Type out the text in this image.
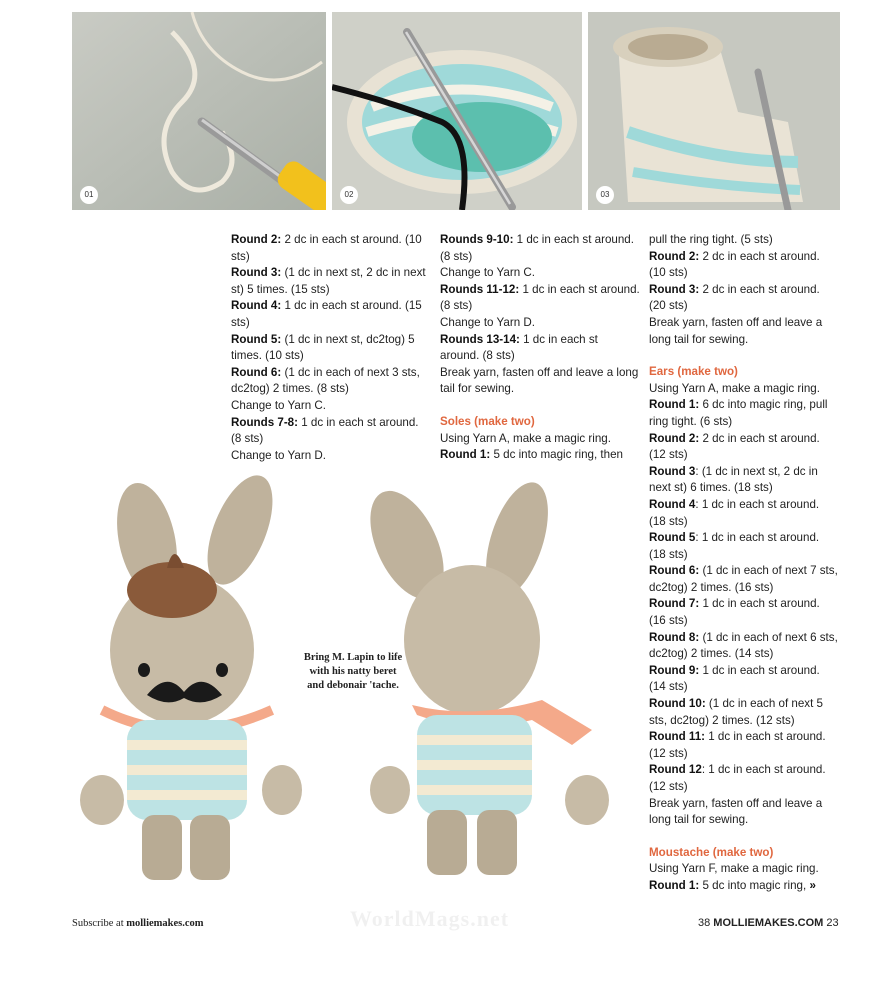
01	02	03

Round 2: 2 dc in each st around. (10 sts)

Round 3: (1 dc in next st, 2 dc in next st) 5 times. (15 sts)

Round 4: 1 dc in each st around. (15 sts)

Round 5: (1 dc in next st, dc2tog) 5 times. (10 sts)

Round 6: (1 dc in each of next 3 sts, dc2tog) 2 times. (8 sts)

Change to Yarn C.

Rounds 7-8: 1 dc in each st around. (8 sts)

Change to Yarn D.

Rounds 9-10: 1 dc in each st around. (8 sts)

Change to Yarn C.

Rounds 11-12: 1 dc in each st around. (8 sts)

Change to Yarn D.

Rounds 13-14: 1 dc in each st around. (8 sts)

Break yarn, fasten off and leave a long tail for sewing.

Soles (make two)

Using Yarn A, make a magic ring.

Round 1: 5 dc into magic ring, then

pull the ring tight. (5 sts)

Round 2: 2 dc in each st around. (10 sts)

Round 3: 2 dc in each st around. (20 sts)

Break yarn, fasten off and leave a long tail for sewing.

Ears (make two)

Using Yarn A, make a magic ring.

Round 1: 6 dc into magic ring, pull ring tight. (6 sts)

Round 2: 2 dc in each st around. (12 sts)

Round 3: (1 dc in next st, 2 dc in next st) 6 times. (18 sts)

Round 4: 1 dc in each st around. (18 sts)

Round 5: 1 dc in each st around. (18 sts)

Round 6: (1 dc in each of next 7 sts, dc2tog) 2 times. (16 sts)

Round 7: 1 dc in each st around. (16 sts)

Round 8: (1 dc in each of next 6 sts, dc2tog) 2 times. (14 sts)

Round 9: 1 dc in each st around. (14 sts)

Round 10: (1 dc in each of next 5 sts, dc2tog) 2 times. (12 sts)

Round 11: 1 dc in each st around. (12 sts)

Round 12: 1 dc in each st around. (12 sts)

Break yarn, fasten off and leave a long tail for sewing.

Moustache (make two)

Using Yarn F, make a magic ring.

Round 1: 5 dc into magic ring, »

Bring M. Lapin to life with his natty beret and debonair 'tache.
WorldMags.net
Subscribe at molliemakes.com	38 MOLLIEMAKES.COM 23
